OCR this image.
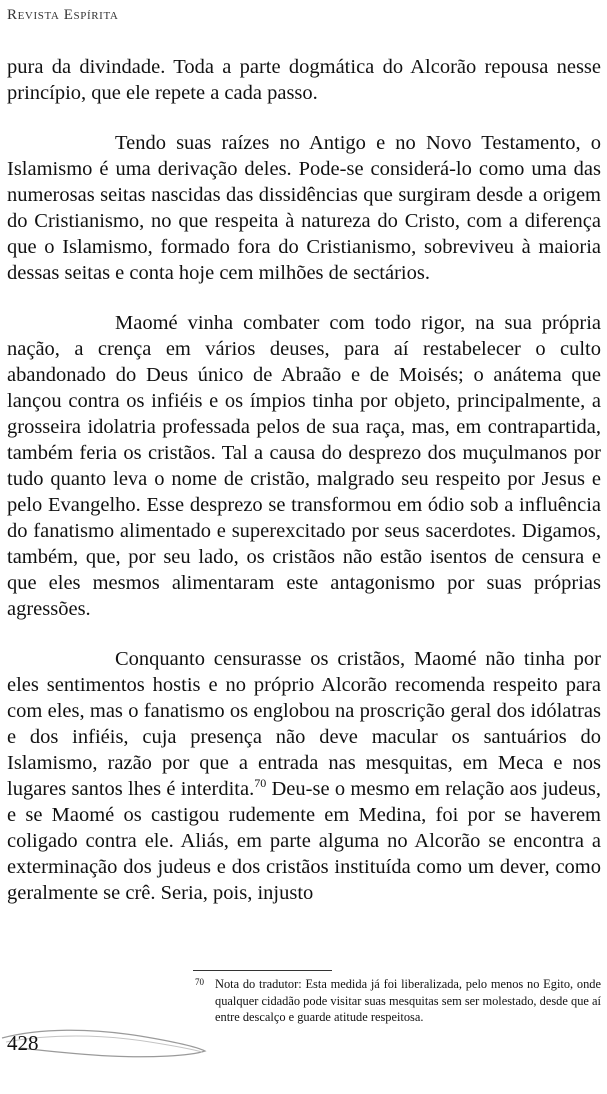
Revista Espírita

pura da divindade. Toda a parte dogmática do Alcorão repousa nesse princípio, que ele repete a cada passo.

Tendo suas raízes no Antigo e no Novo Testamento, o Islamismo é uma derivação deles. Pode-se considerá-lo como uma das numerosas seitas nascidas das dissidências que surgiram desde a origem do Cristianismo, no que respeita à natureza do Cristo, com a diferença que o Islamismo, formado fora do Cristianismo, sobreviveu à maioria dessas seitas e conta hoje cem milhões de sectários.

Maomé vinha combater com todo rigor, na sua própria nação, a crença em vários deuses, para aí restabelecer o culto abandonado do Deus único de Abraão e de Moisés; o anátema que lançou contra os infiéis e os ímpios tinha por objeto, principalmente, a grosseira idolatria professada pelos de sua raça, mas, em contrapartida, também feria os cristãos. Tal a causa do desprezo dos muçulmanos por tudo quanto leva o nome de cristão, malgrado seu respeito por Jesus e pelo Evangelho. Esse desprezo se transformou em ódio sob a influência do fanatismo alimentado e superexcitado por seus sacerdotes. Digamos, também, que, por seu lado, os cristãos não estão isentos de censura e que eles mesmos alimentaram este antagonismo por suas próprias agressões.

Conquanto censurasse os cristãos, Maomé não tinha por eles sentimentos hostis e no próprio Alcorão recomenda respeito para com eles, mas o fanatismo os englobou na proscrição geral dos idólatras e dos infiéis, cuja presença não deve macular os santuários do Islamismo, razão por que a entrada nas mesquitas, em Meca e nos lugares santos lhes é interdita.$^{70}$ Deu-se o mesmo em relação aos judeus, e se Maomé os castigou rudemente em Medina, foi por se haverem coligado contra ele. Aliás, em parte alguma no Alcorão se encontra a exterminação dos judeus e dos cristãos instituída como um dever, como geralmente se crê. Seria, pois, injusto

70 Nota do tradutor: Esta medida já foi liberalizada, pelo menos no Egito, onde qualquer cidadão pode visitar suas mesquitas sem ser molestado, desde que aí entre descalço e guarde atitude respeitosa.
428
